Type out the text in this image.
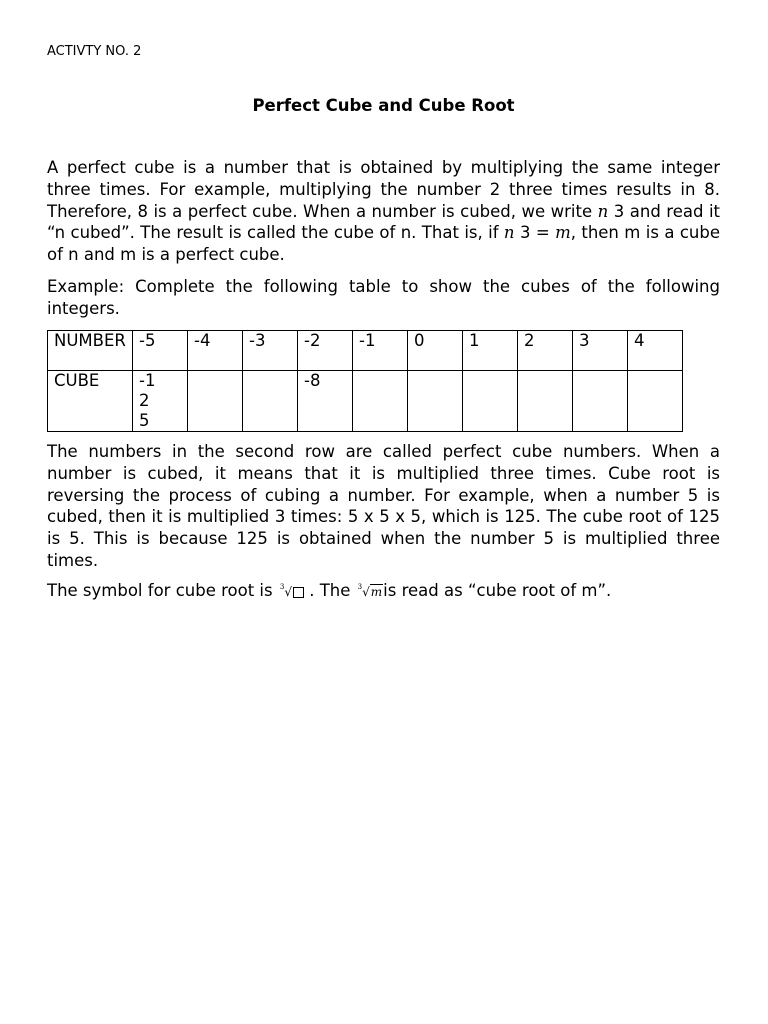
ACTIVTY NO. 2
Perfect Cube and Cube Root

A perfect cube is a number that is obtained by multiplying the same integer three times. For example, multiplying the number 2 three times results in 8. Therefore, 8 is a perfect cube. When a number is cubed, we write n 3 and read it “n cubed”. The result is called the cube of n. That is, if n 3 = m, then m is a cube of n and m is a perfect cube.

Example: Complete the following table to show the cubes of the following integers.

NUMBER	-5	-4	-3	-2	-1	0	1	2	3	4
CUBE	-125			-8						

The numbers in the second row are called perfect cube numbers. When a number is cubed, it means that it is multiplied three times. Cube root is reversing the process of cubing a number. For example, when a number 5 is cubed, then it is multiplied 3 times: 5 x 5 x 5, which is 125. The cube root of 125 is 5. This is because 125 is obtained when the number 5 is multiplied three times.

The symbol for cube root is $^3$√ . The $^3$√mis read as “cube root of m”.
